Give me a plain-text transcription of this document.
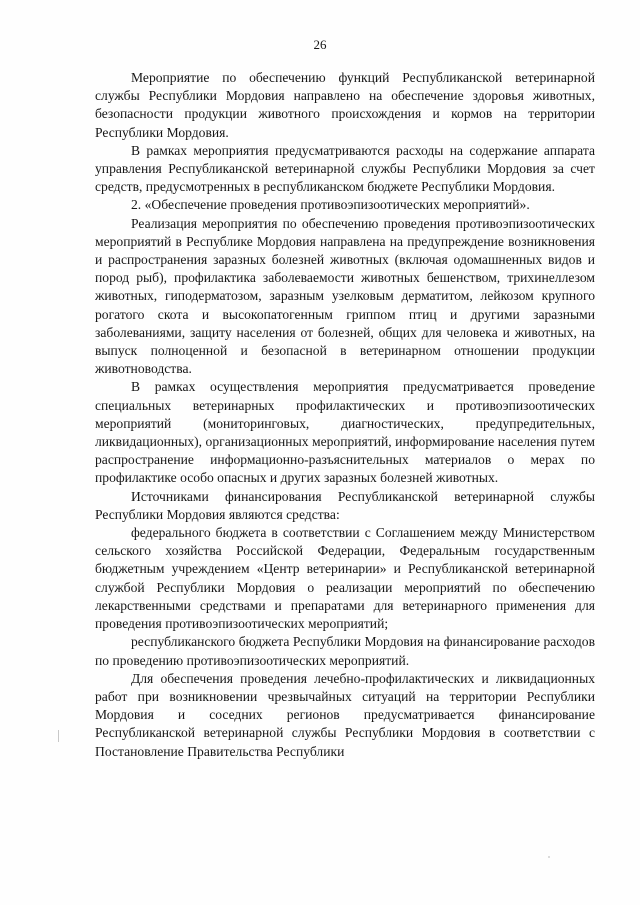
26

Мероприятие по обеспечению функций Республиканской ветеринарной службы Республики Мордовия направлено на обеспечение здоровья животных, безопасности продукции животного происхождения и кормов на территории Республики Мордовия.

В рамках мероприятия предусматриваются расходы на содержание аппарата управления Республиканской ветеринарной службы Республики Мордовия за счет средств, предусмотренных в республиканском бюджете Республики Мордовия.

2. «Обеспечение проведения противоэпизоотических мероприятий».

Реализация мероприятия по обеспечению проведения противоэпизоотических мероприятий в Республике Мордовия направлена на предупреждение возникновения и распространения заразных болезней животных (включая одомашненных видов и пород рыб), профилактика заболеваемости животных бешенством, трихинеллезом животных, гиподерматозом, заразным узелковым дерматитом, лейкозом крупного рогатого скота и высокопатогенным гриппом птиц и другими заразными заболеваниями, защиту населения от болезней, общих для человека и животных, на выпуск полноценной и безопасной в ветеринарном отношении продукции животноводства.

В рамках осуществления мероприятия предусматривается проведение специальных ветеринарных профилактических и противоэпизоотических мероприятий (мониторинговых, диагностических, предупредительных, ликвидационных), организационных мероприятий, информирование населения путем распространение информационно-разъяснительных материалов о мерах по профилактике особо опасных и других заразных болезней животных.

Источниками финансирования Республиканской ветеринарной службы Республики Мордовия являются средства:

федерального бюджета в соответствии с Соглашением между Министерством сельского хозяйства Российской Федерации, Федеральным государственным бюджетным учреждением «Центр ветеринарии» и Республиканской ветеринарной службой Республики Мордовия о реализации мероприятий по обеспечению лекарственными средствами и препаратами для ветеринарного применения для проведения противоэпизоотических мероприятий;

республиканского бюджета Республики Мордовия на финансирование расходов по проведению противоэпизоотических мероприятий.

Для обеспечения проведения лечебно-профилактических и ликвидационных работ при возникновении чрезвычайных ситуаций на территории Республики Мордовия и соседних регионов предусматривается финансирование Республиканской ветеринарной службы Республики Мордовия в соответствии с Постановление Правительства Республики
